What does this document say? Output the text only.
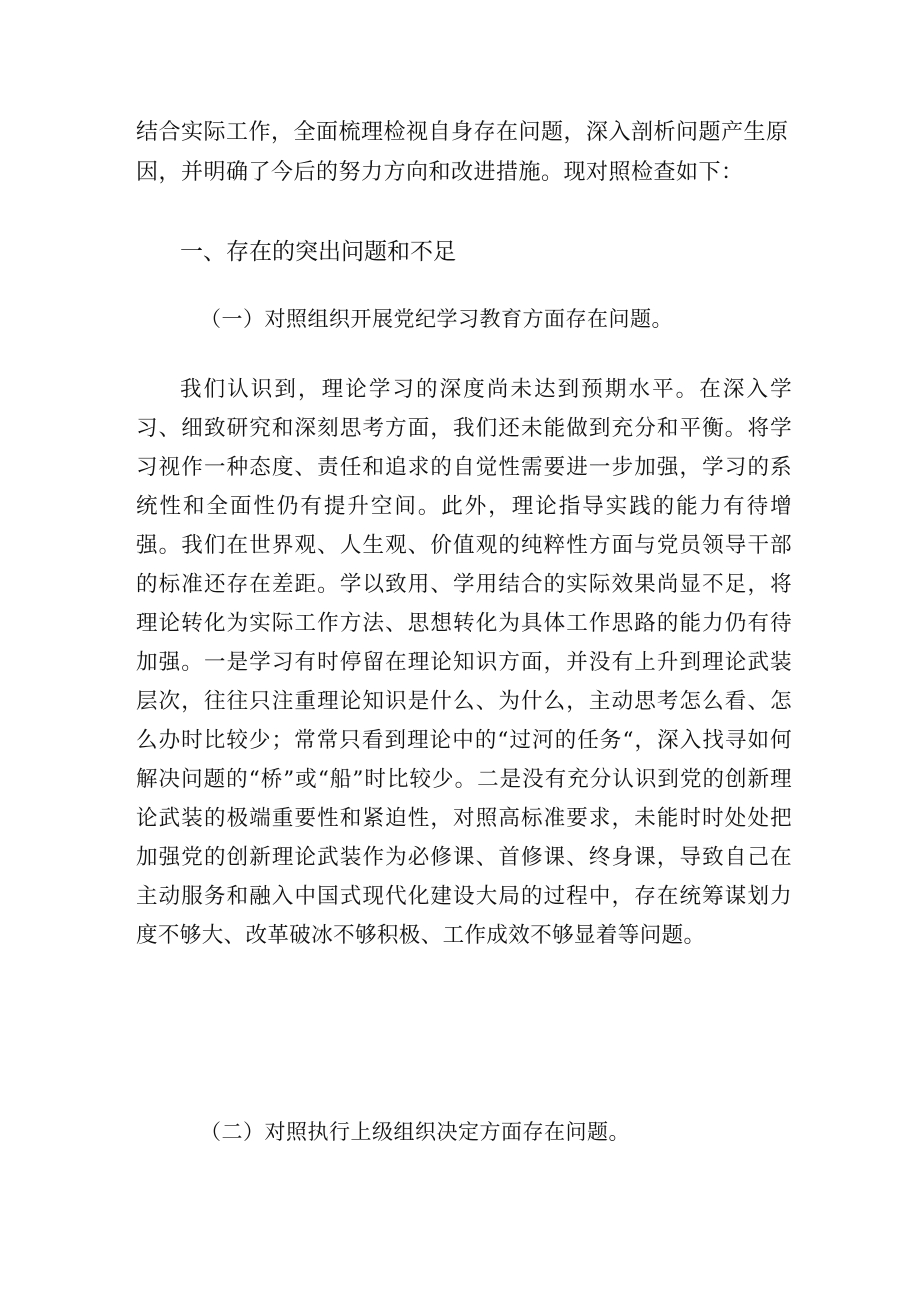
结合实际工作，全面梳理检视自身存在问题，深入剖析问题产生原因，并明确了今后的努力方向和改进措施。现对照检查如下：

一、存在的突出问题和不足
（一）对照组织开展党纪学习教育方面存在问题。

我们认识到，理论学习的深度尚未达到预期水平。在深入学习、细致研究和深刻思考方面，我们还未能做到充分和平衡。将学习视作一种态度、责任和追求的自觉性需要进一步加强，学习的系统性和全面性仍有提升空间。此外，理论指导实践的能力有待增强。我们在世界观、人生观、价值观的纯粹性方面与党员领导干部的标准还存在差距。学以致用、学用结合的实际效果尚显不足，将理论转化为实际工作方法、思想转化为具体工作思路的能力仍有待加强。一是学习有时停留在理论知识方面，并没有上升到理论武装层次，往往只注重理论知识是什么、为什么，主动思考怎么看、怎么办时比较少；常常只看到理论中的“过河的任务“，深入找寻如何解决问题的“桥”或“船”时比较少。二是没有充分认识到党的创新理论武装的极端重要性和紧迫性，对照高标准要求，未能时时处处把加强党的创新理论武装作为必修课、首修课、终身课，导致自己在主动服务和融入中国式现代化建设大局的过程中，存在统筹谋划力度不够大、改革破冰不够积极、工作成效不够显着等问题。

（二）对照执行上级组织决定方面存在问题。
